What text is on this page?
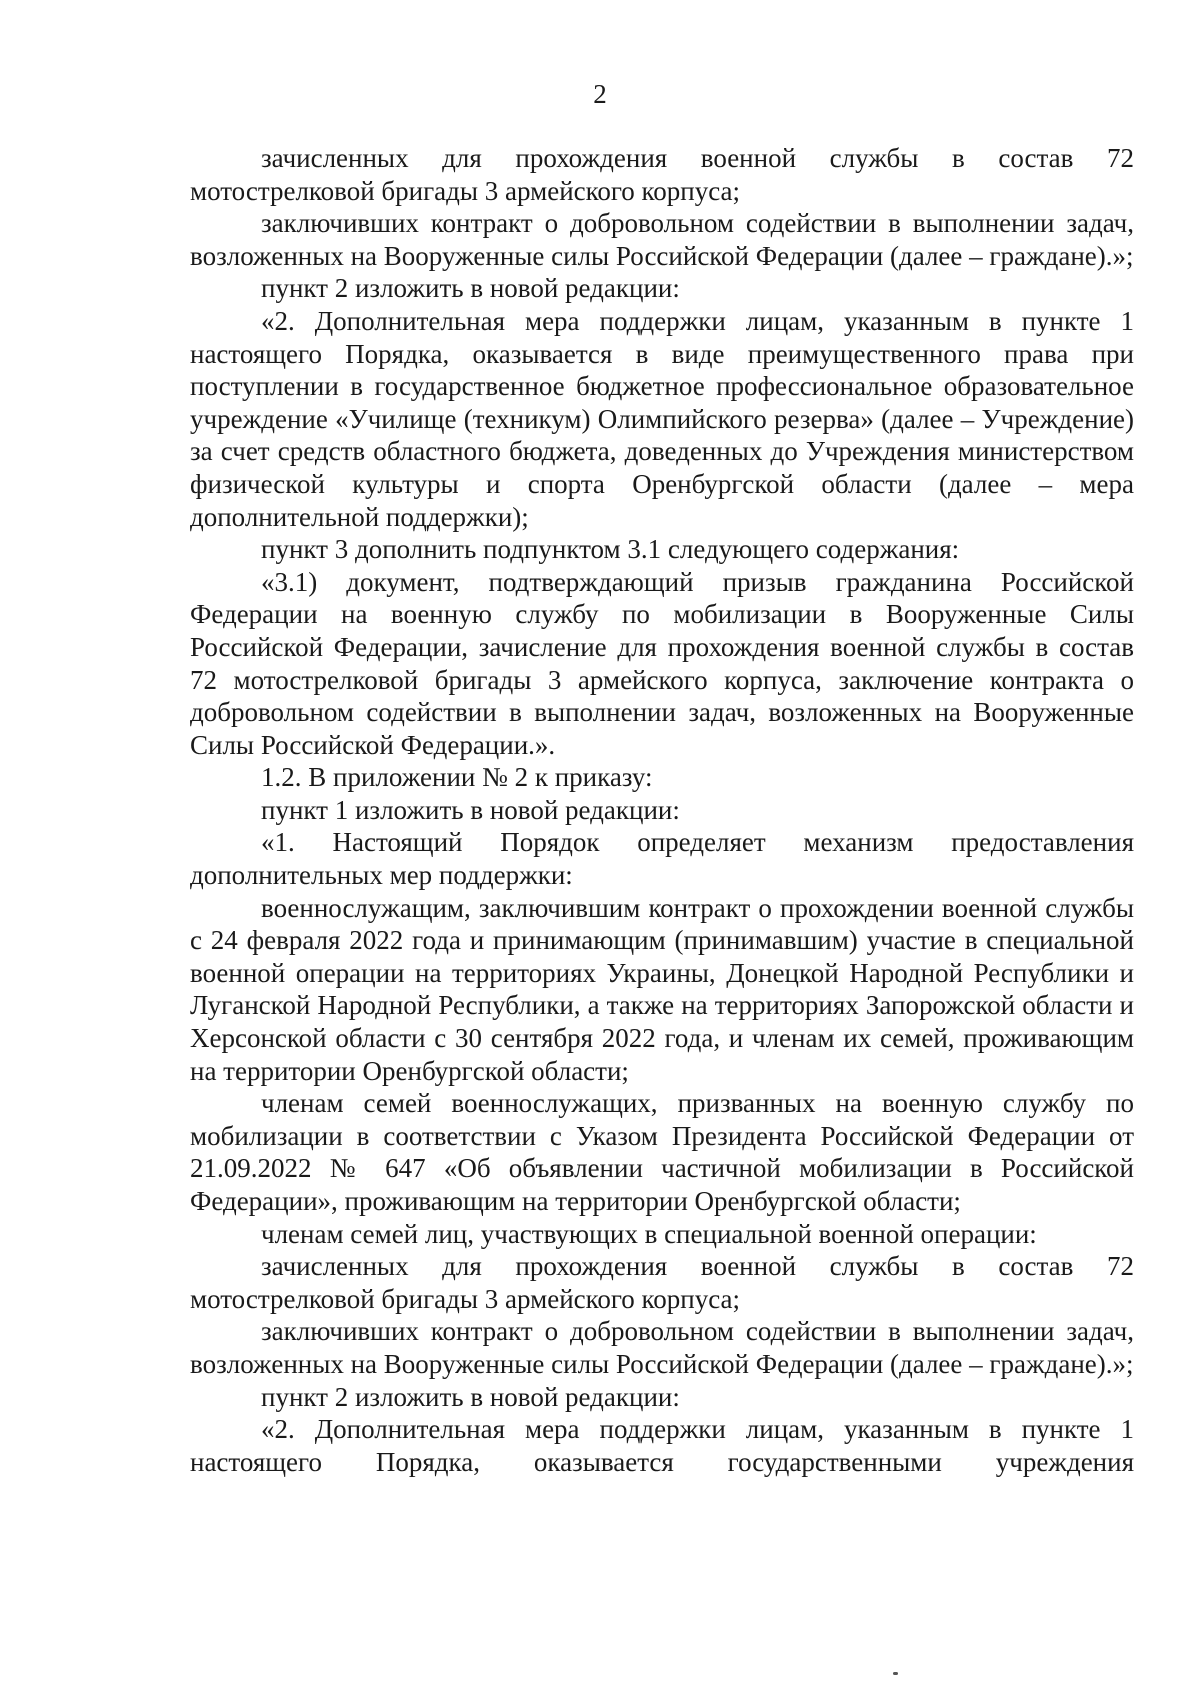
2

зачисленных для прохождения военной службы в состав 72 мотострелковой бригады 3 армейского корпуса;

заключивших контракт о добровольном содействии в выполнении задач, возложенных на Вооруженные силы Российской Федерации (далее – граждане).»;

пункт 2 изложить в новой редакции:

«2. Дополнительная мера поддержки лицам, указанным в пункте 1 настоящего Порядка, оказывается в виде преимущественного права при поступлении в государственное бюджетное профессиональное образовательное учреждение «Училище (техникум) Олимпийского резерва» (далее – Учреждение) за счет средств областного бюджета, доведенных до Учреждения министерством физической культуры и спорта Оренбургской области (далее – мера дополнительной поддержки);

пункт 3 дополнить подпунктом 3.1 следующего содержания:

«3.1) документ, подтверждающий призыв гражданина Российской Федерации на военную службу по мобилизации в Вооруженные Силы Российской Федерации, зачисление для прохождения военной службы в состав 72 мотострелковой бригады 3 армейского корпуса, заключение контракта о добровольном содействии в выполнении задач, возложенных на Вооруженные Силы Российской Федерации.».

1.2. В приложении № 2 к приказу:

пункт 1 изложить в новой редакции:

«1. Настоящий Порядок определяет механизм предоставления дополнительных мер поддержки:

военнослужащим, заключившим контракт о прохождении военной службы с 24 февраля 2022 года и принимающим (принимавшим) участие в специальной военной операции на территориях Украины, Донецкой Народной Республики и Луганской Народной Республики, а также на территориях Запорожской области и Херсонской области с 30 сентября 2022 года, и членам их семей, проживающим на территории Оренбургской области;

членам семей военнослужащих, призванных на военную службу по мобилизации в соответствии с Указом Президента Российской Федерации от 21.09.2022 № 647 «Об объявлении частичной мобилизации в Российской Федерации», проживающим на территории Оренбургской области;

членам семей лиц, участвующих в специальной военной операции:

зачисленных для прохождения военной службы в состав 72 мотострелковой бригады 3 армейского корпуса;

заключивших контракт о добровольном содействии в выполнении задач, возложенных на Вооруженные силы Российской Федерации (далее – граждане).»;

пункт 2 изложить в новой редакции:

«2. Дополнительная мера поддержки лицам, указанным в пункте 1 настоящего Порядка, оказывается государственными учреждения
